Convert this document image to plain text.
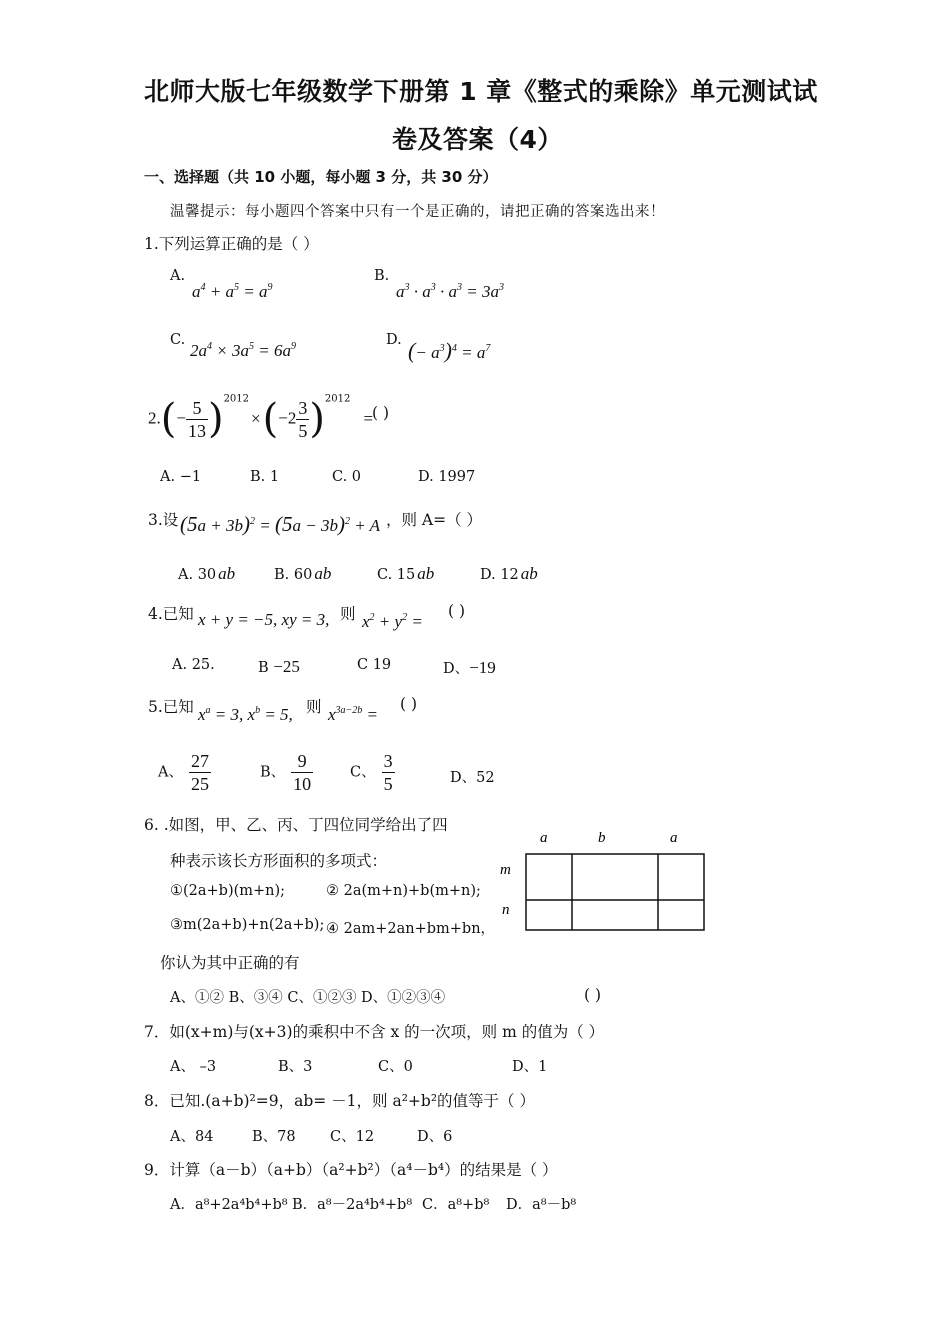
北师大版七年级数学下册第 1 章《整式的乘除》单元测试试
卷及答案（4）
一、选择题（共 10 小题，每小题 3 分，共 30 分）
温馨提示：每小题四个答案中只有一个是正确的，请把正确的答案选出来！
1.下列运算正确的是（ ）
A.
$a^4 + a^5 = a^9$
B.
$a^3 \cdot a^3 \cdot a^3 = 3a^3$
C.
$2a^4 \times 3a^5 = 6a^9$	D. (− $a^3)^4 = a^7$
$2.(- \frac{5}{13} )^{2012}\times(-2 \frac{3}{5} )^{2012}$ =
( )
A. −1	B. 1	C. 0	D. 1997
3.设 $(5a + 3b)^2 = (5a - 3b)^2 + A$ ，则 A=（ ）
A. 30 ab	B. 60 ab	C. 15 ab	D. 12 ab
4.已知 x + y = −5, xy = 3, 则 $x^2 + y^2$ =
( )
A. 25.	B −25	C 19	D、−19
5.已知 $x^a = 3$, $x^b = 5$, 则 $x^{3a-2b}$ =
( )
A、 $\frac{27}{25}$	B、 $\frac{9}{10}$	C、 $\frac{3}{5}$	D、52
6. .如图，甲、乙、丙、丁四位同学给出了四
种表示该长方形面积的多项式：
①(2a+b)(m+n);	② 2a(m+n)+b(m+n);
③m(2a+b)+n(2a+b); ④ 2am+2an+bm+bn，
你认为其中正确的有
A、①② B、③④ C、①②③ D、①②③④	( )
a	b	a
m
n
7．如(x+m)与(x+3)的乘积中不含 x 的一次项，则 m 的值为（ ）
A、 –3	B、3	C、0	D、1
8．已知.(a+b)²=9，ab= －1，则 a²+b²的值等于（ ）
A、84	B、78 C、12	D、6
9．计算（a－b）（a+b）（a²+b²）（a⁴－b⁴）的结果是（ ）
A．a⁸+2a⁴b⁴+b⁸ B．a⁸－2a⁴b⁴+b⁸ C．a⁸+b⁸ D．a⁸－b⁸
